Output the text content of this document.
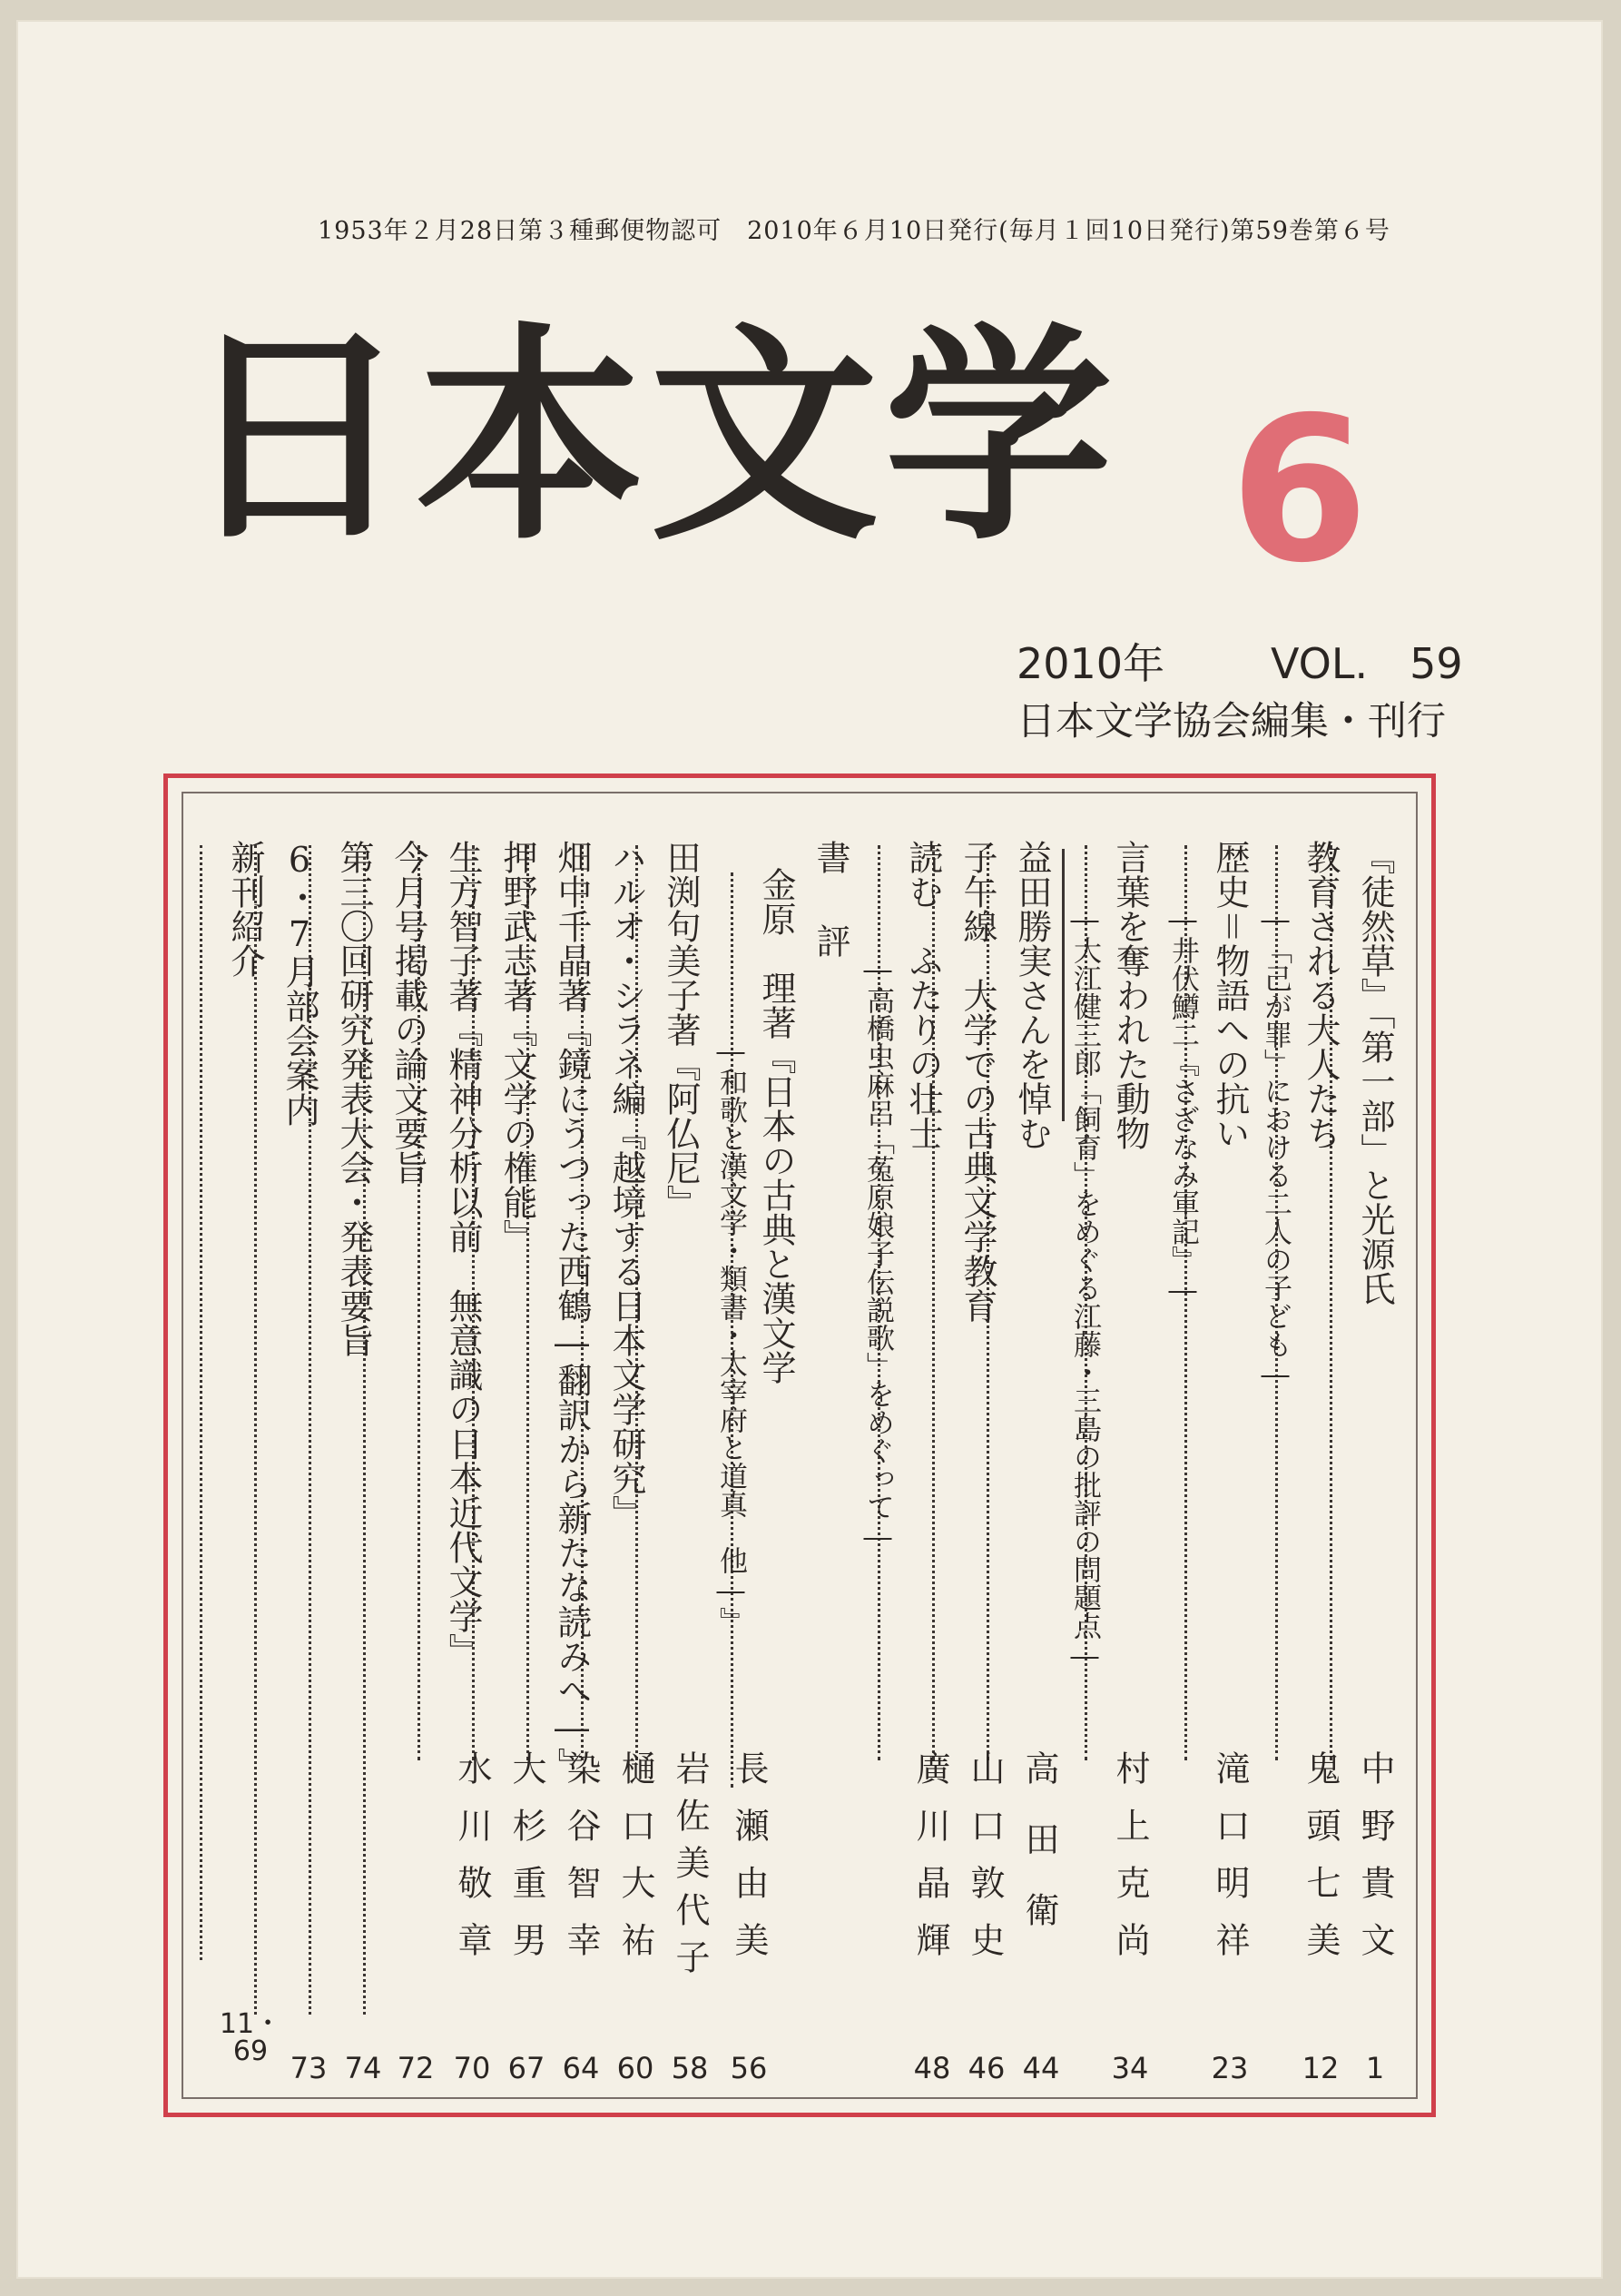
1953年２月28日第３種郵便物認可　2010年６月10日発行(毎月１回10日発行)第59巻第６号
日本文学 6
2010年	VOL.　59
日本文学協会編集・刊行
『徒然草』「第一部」と光源氏
教育される大人たち
―「己が罪」における二人の子ども―
歴史＝物語への抗い
―井伏鱒二『さざなみ軍記』―
言葉を奪われた動物
―大江健三郎「飼育」をめぐる江藤・三島の批評の問題点―
益田勝実さんを悼む
子午線　大学での古典文学教育
読む　ふたりの壮士
―高橋虫麻呂「菟原娘子伝説歌」をめぐって―
書　評
金原　理著『日本の古典と漢文学
―和歌と漢文学・類書・太宰府と道真　他―』
田渕句美子著『阿仏尼』
ハルオ・シラネ編『越境する日本文学研究』
畑中千晶著『鏡にうつった西鶴―翻訳から新たな読みへ―』
押野武志著『文学の権能』
生方智子著『精神分析以前　無意識の日本近代文学』
今月号掲載の論文要旨
第三〇回研究発表大会・発表要旨
6・7月部会案内
新刊紹介
中野貴文
鬼頭七美
滝口明祥
村上克尚
高田衛
山口敦史
廣川晶輝
長瀬由美
岩佐美代子
樋口大祐
染谷智幸
大杉重男
水川敬章
1
12
23
34
44
46
48
56
58
60
64
67
70
72
74
73
11・69
